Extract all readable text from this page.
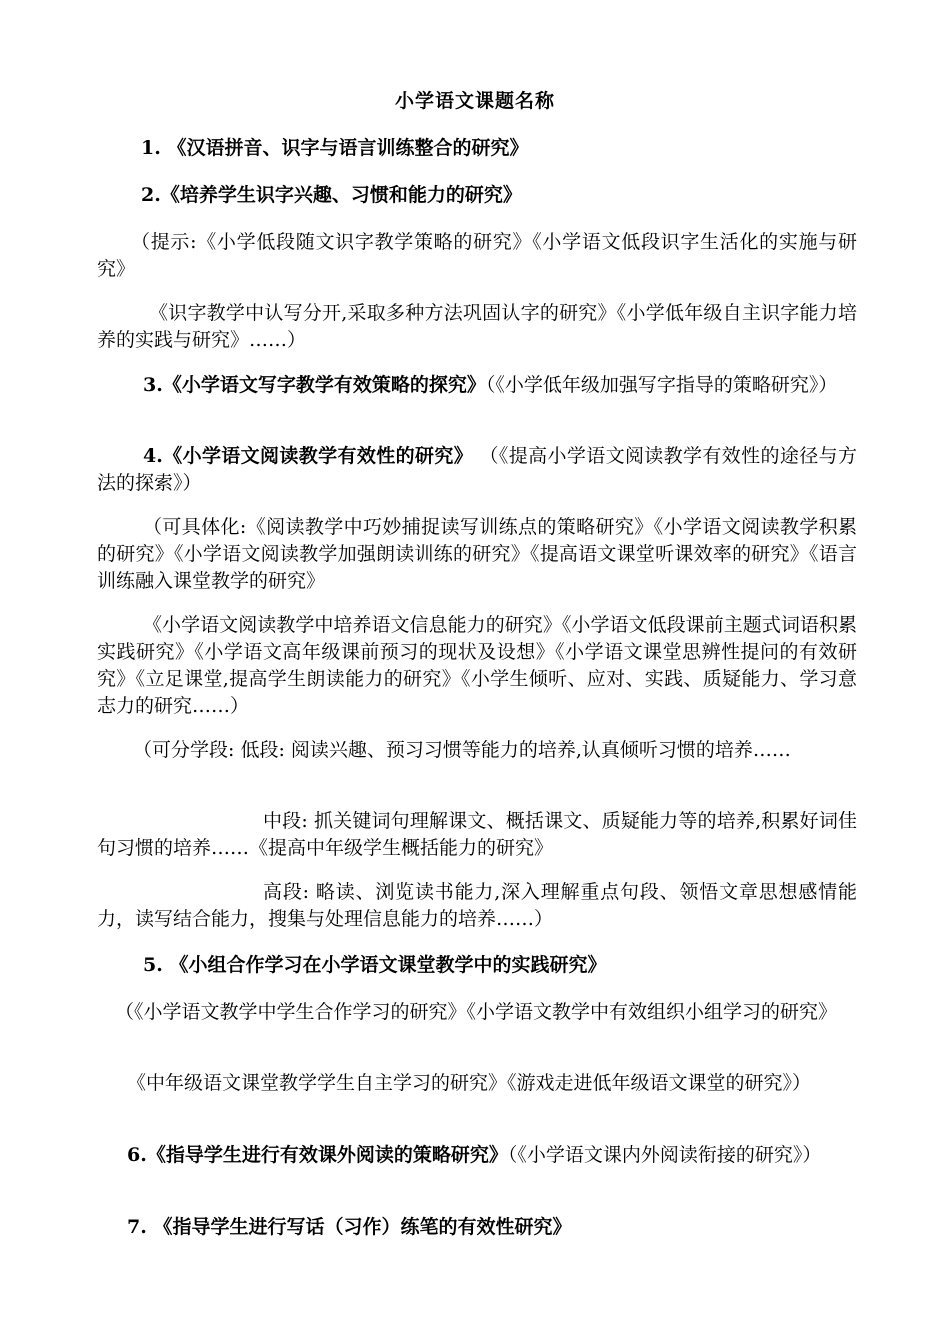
小学语文课题名称

1. 《汉语拼音、识字与语言训练整合的研究》

2.《培养学生识字兴趣、习惯和能力的研究》

（提示:《小学低段随文识字教学策略的研究》《小学语文低段识字生活化的实施与研究》

《识字教学中认写分开,采取多种方法巩固认字的研究》《小学低年级自主识字能力培养的实践与研究》……）

3.《小学语文写字教学有效策略的探究》（《小学低年级加强写字指导的策略研究》）

4.《小学语文阅读教学有效性的研究》 （《提高小学语文阅读教学有效性的途径与方法的探索》）

（可具体化:《阅读教学中巧妙捕捉读写训练点的策略研究》《小学语文阅读教学积累的研究》《小学语文阅读教学加强朗读训练的研究》《提高语文课堂听课效率的研究》《语言训练融入课堂教学的研究》

《小学语文阅读教学中培养语文信息能力的研究》《小学语文低段课前主题式词语积累实践研究》《小学语文高年级课前预习的现状及设想》《小学语文课堂思辨性提问的有效研究》《立足课堂,提高学生朗读能力的研究》《小学生倾听、应对、实践、质疑能力、学习意志力的研究……）

（可分学段: 低段: 阅读兴趣、预习习惯等能力的培养,认真倾听习惯的培养……

中段: 抓关键词句理解课文、概括课文、质疑能力等的培养,积累好词佳句习惯的培养……《提高中年级学生概括能力的研究》

高段: 略读、浏览读书能力,深入理解重点句段、领悟文章思想感情能力，读写结合能力，搜集与处理信息能力的培养……）

5. 《小组合作学习在小学语文课堂教学中的实践研究》

（《小学语文教学中学生合作学习的研究》《小学语文教学中有效组织小组学习的研究》

《中年级语文课堂教学学生自主学习的研究》《游戏走进低年级语文课堂的研究》）

6.《指导学生进行有效课外阅读的策略研究》（《小学语文课内外阅读衔接的研究》）

7. 《指导学生进行写话（习作）练笔的有效性研究》
